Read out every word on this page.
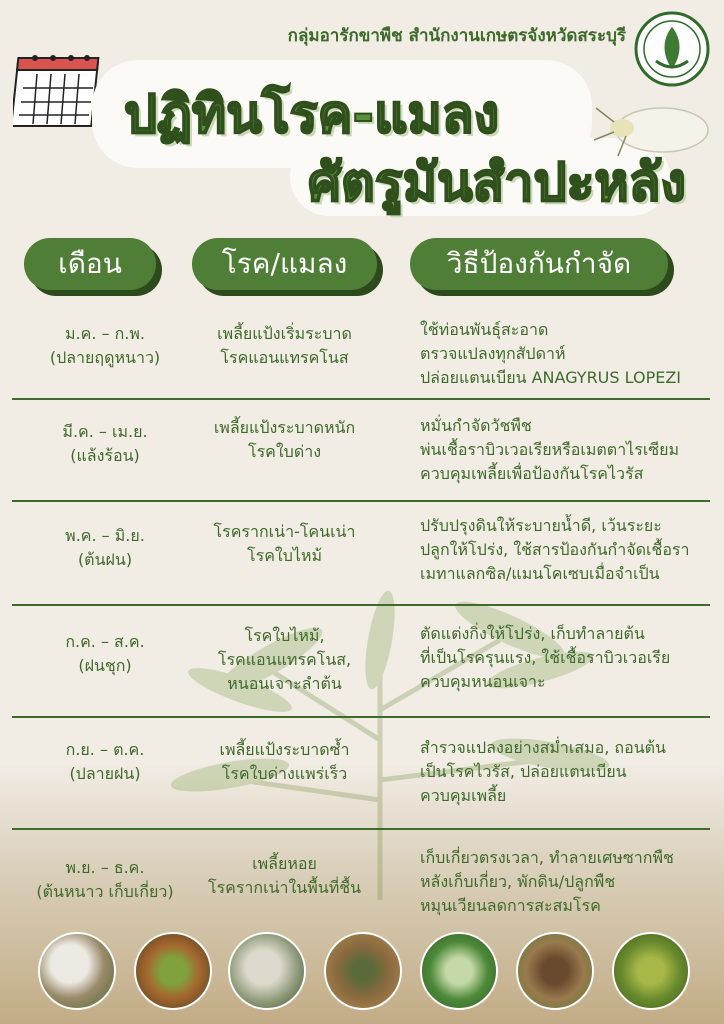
กลุ่มอารักขาพืช สำนักงานเกษตรจังหวัดสระบุรี
ปฏิทินโรค-แมลง
ศัตรูมันสำปะหลัง
เดือน	โรค/แมลง	วิธีป้องกันกำจัด
ม.ค. – ก.พ.
(ปลายฤดูหนาว)
เพลี้ยแป้งเริ่มระบาด
โรคแอนแทรคโนส
ใช้ท่อนพันธุ์สะอาด
ตรวจแปลงทุกสัปดาห์
ปล่อยแตนเบียน ANAGYRUS LOPEZI
มี.ค. – เม.ย.
(แล้งร้อน)
เพลี้ยแป้งระบาดหนัก
โรคใบด่าง
หมั่นกำจัดวัชพืช
พ่นเชื้อราบิวเวอเรียหรือเมตตาไรเซียม
ควบคุมเพลี้ยเพื่อป้องกันโรคไวรัส
พ.ค. – มิ.ย.
(ต้นฝน)
โรครากเน่า-โคนเน่า
โรคใบไหม้
ปรับปรุงดินให้ระบายน้ำดี, เว้นระยะ
ปลูกให้โปร่ง, ใช้สารป้องกันกำจัดเชื้อรา
เมทาแลกซิล/แมนโคเซบเมื่อจำเป็น
ก.ค. – ส.ค.
(ฝนชุก)
โรคใบไหม้,
โรคแอนแทรคโนส,
หนอนเจาะลำต้น
ตัดแต่งกิ่งให้โปร่ง, เก็บทำลายต้น
ที่เป็นโรครุนแรง, ใช้เชื้อราบิวเวอเรีย
ควบคุมหนอนเจาะ
ก.ย. – ต.ค.
(ปลายฝน)
เพลี้ยแป้งระบาดซ้ำ
โรคใบด่างแพร่เร็ว
สำรวจแปลงอย่างสม่ำเสมอ, ถอนต้น
เป็นโรคไวรัส, ปล่อยแตนเบียน
ควบคุมเพลี้ย
พ.ย. – ธ.ค.
(ต้นหนาว เก็บเกี่ยว)
เพลี้ยหอย
โรครากเน่าในพื้นที่ชื้น
เก็บเกี่ยวตรงเวลา, ทำลายเศษซากพืช
หลังเก็บเกี่ยว, พักดิน/ปลูกพืช
หมุนเวียนลดการสะสมโรค
